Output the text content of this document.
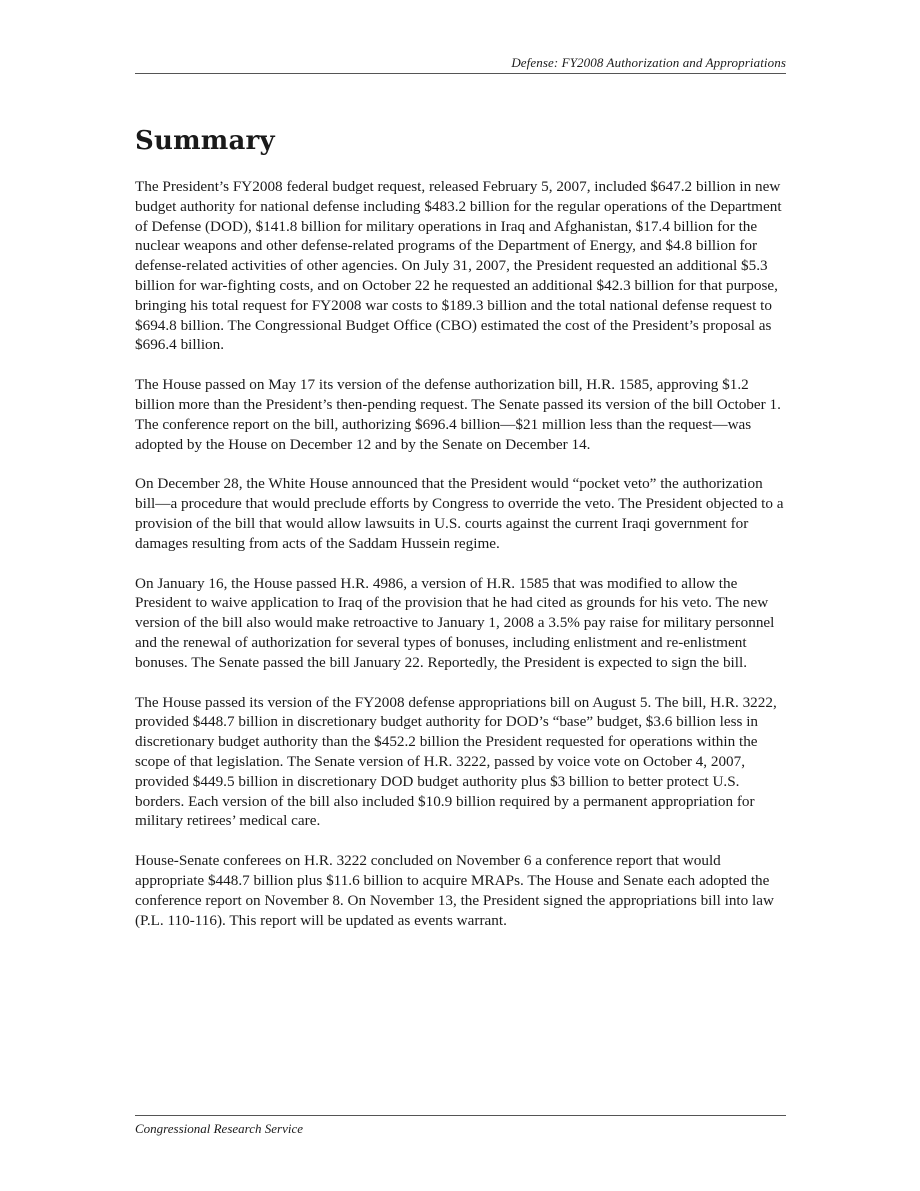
Defense: FY2008 Authorization and Appropriations
Summary

The President’s FY2008 federal budget request, released February 5, 2007, included $647.2 billion in new budget authority for national defense including $483.2 billion for the regular operations of the Department of Defense (DOD), $141.8 billion for military operations in Iraq and Afghanistan, $17.4 billion for the nuclear weapons and other defense-related programs of the Department of Energy, and $4.8 billion for defense-related activities of other agencies. On July 31, 2007, the President requested an additional $5.3 billion for war-fighting costs, and on October 22 he requested an additional $42.3 billion for that purpose, bringing his total request for FY2008 war costs to $189.3 billion and the total national defense request to $694.8 billion. The Congressional Budget Office (CBO) estimated the cost of the President’s proposal as $696.4 billion.

The House passed on May 17 its version of the defense authorization bill, H.R. 1585, approving $1.2 billion more than the President’s then-pending request. The Senate passed its version of the bill October 1. The conference report on the bill, authorizing $696.4 billion—$21 million less than the request—was adopted by the House on December 12 and by the Senate on December 14.

On December 28, the White House announced that the President would “pocket veto” the authorization bill—a procedure that would preclude efforts by Congress to override the veto. The President objected to a provision of the bill that would allow lawsuits in U.S. courts against the current Iraqi government for damages resulting from acts of the Saddam Hussein regime.

On January 16, the House passed H.R. 4986, a version of H.R. 1585 that was modified to allow the President to waive application to Iraq of the provision that he had cited as grounds for his veto. The new version of the bill also would make retroactive to January 1, 2008 a 3.5% pay raise for military personnel and the renewal of authorization for several types of bonuses, including enlistment and re-enlistment bonuses. The Senate passed the bill January 22. Reportedly, the President is expected to sign the bill.

The House passed its version of the FY2008 defense appropriations bill on August 5. The bill, H.R. 3222, provided $448.7 billion in discretionary budget authority for DOD’s “base” budget, $3.6 billion less in discretionary budget authority than the $452.2 billion the President requested for operations within the scope of that legislation. The Senate version of H.R. 3222, passed by voice vote on October 4, 2007, provided $449.5 billion in discretionary DOD budget authority plus $3 billion to better protect U.S. borders. Each version of the bill also included $10.9 billion required by a permanent appropriation for military retirees’ medical care.

House-Senate conferees on H.R. 3222 concluded on November 6 a conference report that would appropriate $448.7 billion plus $11.6 billion to acquire MRAPs. The House and Senate each adopted the conference report on November 8. On November 13, the President signed the appropriations bill into law (P.L. 110-116). This report will be updated as events warrant.

Congressional Research Service
